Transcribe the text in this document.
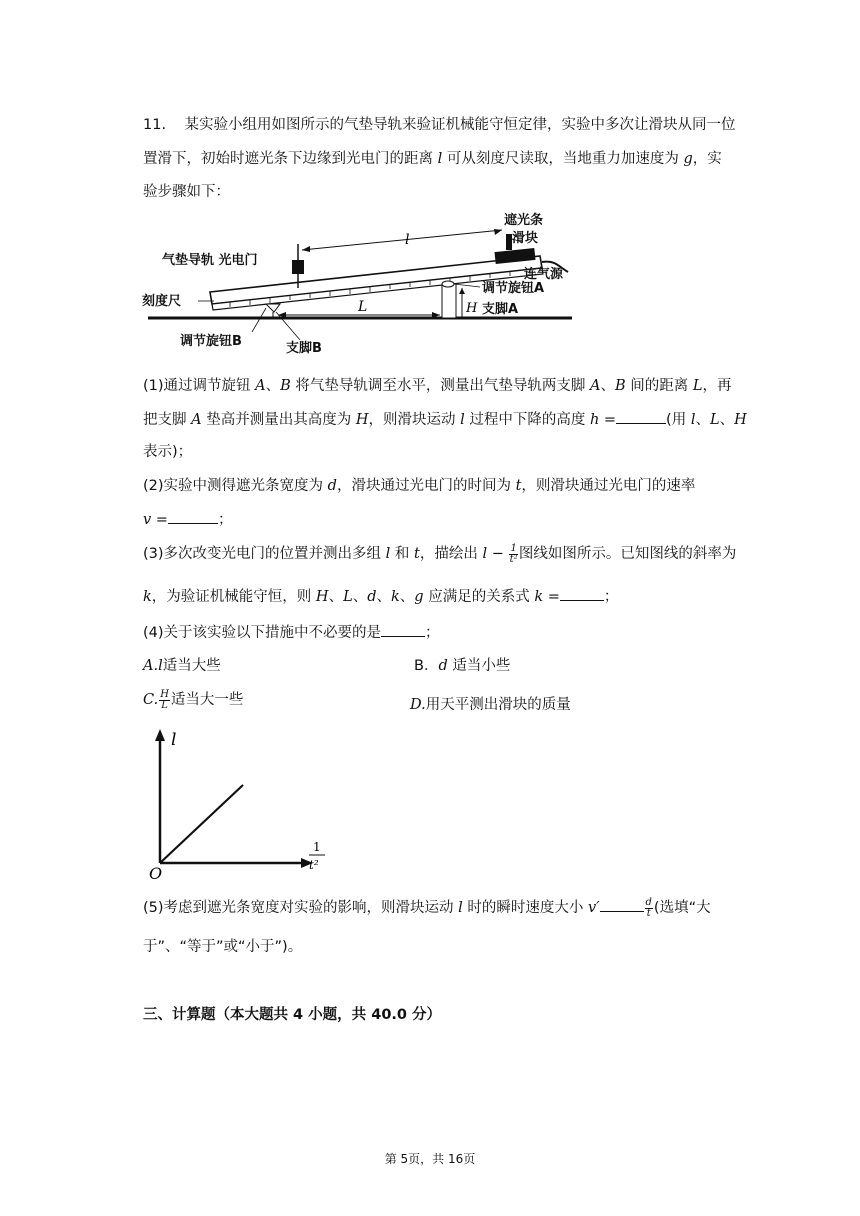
11. 某实验小组用如图所示的气垫导轨来验证机械能守恒定律，实验中多次让滑块从同一位
置滑下，初始时遮光条下边缘到光电门的距离 l 可从刻度尺读取，当地重力加速度为 g，实
验步骤如下：
l
L	H
气垫导轨 光电门
遮光条
滑块
连气源
调节旋钮A
刻度尺
支脚A
调节旋钮B	支脚B
(1)通过调节旋钮 A、B 将气垫导轨调至水平，测量出气垫导轨两支脚 A、B 间的距离 L，再
把支脚 A 垫高并测量出其高度为 H，则滑块运动 l 过程中下降的高度 h =	(用 l、L、H
表示)；
(2)实验中测得遮光条宽度为 d，滑块通过光电门的时间为 t，则滑块通过光电门的速率
v =	；
(3)多次改变光电门的位置并测出多组 l 和 t，描绘出 $l - \frac{1}{\text{t²}}$ 图线如图所示。已知图线的斜率为
k，为验证机械能守恒，则 H、L、d、k、g 应满足的关系式 k =	；
(4)关于该实验以下措施中不必要的是	；
A.l适当大些	B．d 适当小些
C. $\frac{H}{L}$ 适当大一些	D.用天平测出滑块的质量
l
1
t²
O
(5)考虑到遮光条宽度对实验的影响，则滑块运动 l 时的瞬时速度大小 v′	$\frac{d}{t}$ (选填“大
于”、“等于”或“小于”)。
三、计算题（本大题共 4 小题，共 40.0 分）
第 5页，共 16页
